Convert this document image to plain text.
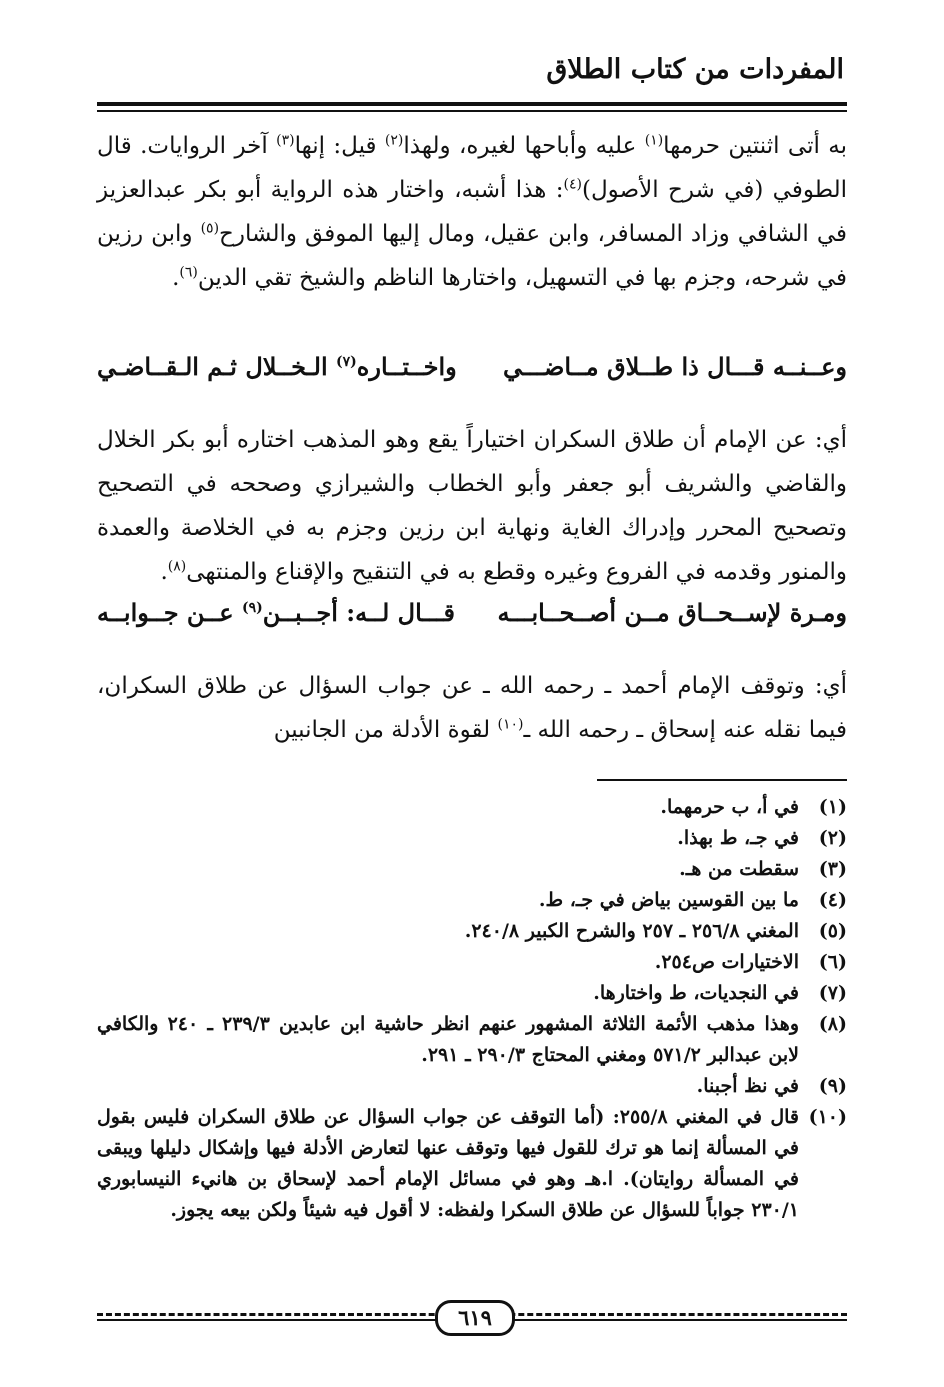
المفردات من كتاب الطلاق
به أتى اثنتين حرمها$^{(١)}$ عليه وأباحها لغيره، ولهذا$^{(٢)}$ قيل: إنها$^{(٣)}$ آخر الروايات. قال الطوفي (في شرح الأصول)$^{(٤)}$: هذا أشبه، واختار هذه الرواية أبو بكر عبدالعزيز في الشافي وزاد المسافر، وابن عقيل، ومال إليها الموفق والشارح$^{(٥)}$ وابن رزين في شرحه، وجزم بها في التسهيل، واختارها الناظم والشيخ تقي الدين$^{(٦)}$.
وعــنــه قـــال ذا طــلاق مــاضـــي
واخــتــاره$^{(٧)}$ الـخــلال ثـم الـقــاضـي
أي: عن الإمام أن طلاق السكران اختياراً يقع وهو المذهب اختاره أبو بكر الخلال والقاضي والشريف أبو جعفر وأبو الخطاب والشيرازي وصححه في التصحيح وتصحيح المحرر وإدراك الغاية ونهاية ابن رزين وجزم به في الخلاصة والعمدة والمنور وقدمه في الفروع وغيره وقطع به في التنقيح والإقناع والمنتهى$^{(٨)}$.
ومـرة لإســحــاق مــن أصــحــابـــه
قـــال لــه: أجــبــن$^{(٩)}$ عــن جــوابــه
أي: وتوقف الإمام أحمد ـ رحمه الله ـ عن جواب السؤال عن طلاق السكران، فيما نقله عنه إسحاق ـ رحمه الله ـ$^{(١٠)}$ لقوة الأدلة من الجانبين
(١)
في أ، ب حرمهما.
(٢)
في جـ، ط بهذا.
(٣)
سقطت من هـ.
(٤)
ما بين القوسين بياض في جـ، ط.
(٥)
المغني ٢٥٦/٨ ـ ٢٥٧ والشرح الكبير ٢٤٠/٨.
(٦)
الاختيارات ص٢٥٤.
(٧)
في النجديات، ط واختارها.
(٨)
وهذا مذهب الأئمة الثلاثة المشهور عنهم انظر حاشية ابن عابدين ٢٣٩/٣ ـ ٢٤٠ والكافي لابن عبدالبر ٥٧١/٢ ومغني المحتاج ٢٩٠/٣ ـ ٢٩١.
(٩)
في نظ أجبنا.
(١٠)
قال في المغني ٢٥٥/٨: (أما التوقف عن جواب السؤال عن طلاق السكران فليس بقول في المسألة إنما هو ترك للقول فيها وتوقف عنها لتعارض الأدلة فيها وإشكال دليلها ويبقى في المسألة روايتان). ا.هـ وهو في مسائل الإمام أحمد لإسحاق بن هانيء النيسابوري ٢٣٠/١ جواباً للسؤال عن طلاق السكرا ولفظه: لا أقول فيه شيئاً ولكن بيعه يجوز.
٦١٩
